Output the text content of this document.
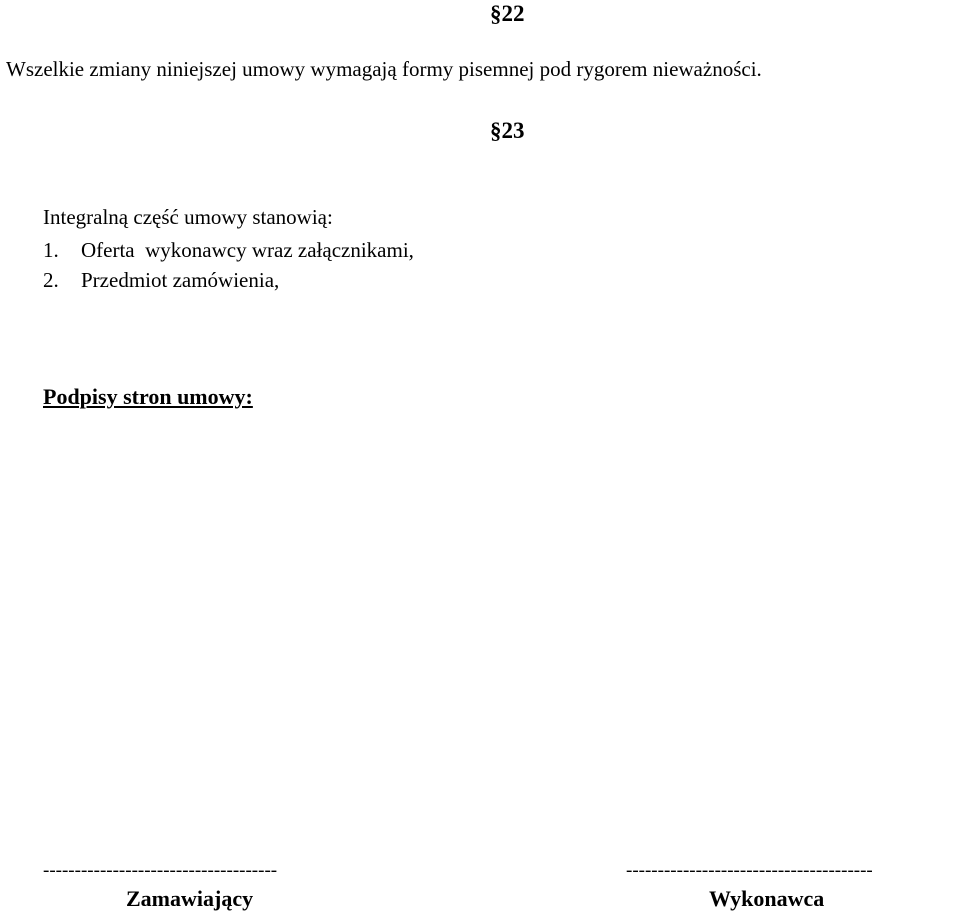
§22
Wszelkie zmiany niniejszej umowy wymagają formy pisemnej pod rygorem nieważności.
§23
Integralną część umowy stanowią:
1. Oferta  wykonawcy wraz załącznikami,
2. Przedmiot zamówienia,
Podpisy stron umowy:
-------------------------------------
Zamawiający
---------------------------------------
Wykonawca
